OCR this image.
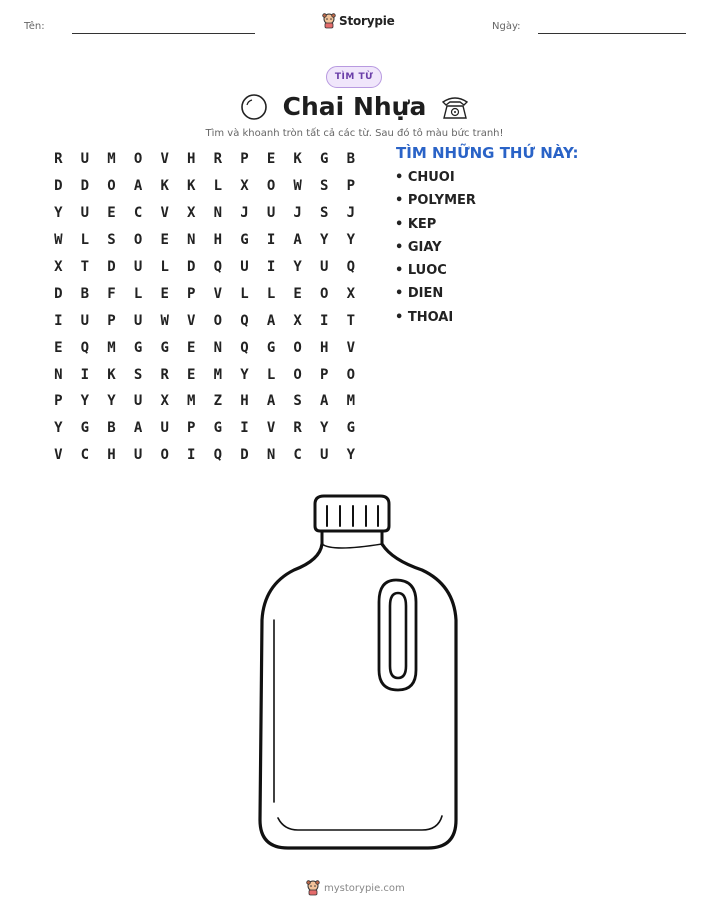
Tên:	Storypie	Ngày:
TÌM TỪ
Chai Nhựa
Tìm và khoanh tròn tất cả các từ. Sau đó tô màu bức tranh!
R	U	M	O	V	H	R	P	E	K	G	B
D	D	O	A	K	K	L	X	O	W	S	P
Y	U	E	C	V	X	N	J	U	J	S	J
W	L	S	O	E	N	H	G	I	A	Y	Y
X	T	D	U	L	D	Q	U	I	Y	U	Q
D	B	F	L	E	P	V	L	L	E	O	X
I	U	P	U	W	V	O	Q	A	X	I	T
E	Q	M	G	G	E	N	Q	G	O	H	V
N	I	K	S	R	E	M	Y	L	O	P	O
P	Y	Y	U	X	M	Z	H	A	S	A	M
Y	G	B	A	U	P	G	I	V	R	Y	G
V	C	H	U	O	I	Q	D	N	C	U	Y
TÌM NHỮNG THỨ NÀY:
• CHUOI
• POLYMER
• KEP
• GIAY
• LUOC
• DIEN
• THOAI
mystorypie.com
